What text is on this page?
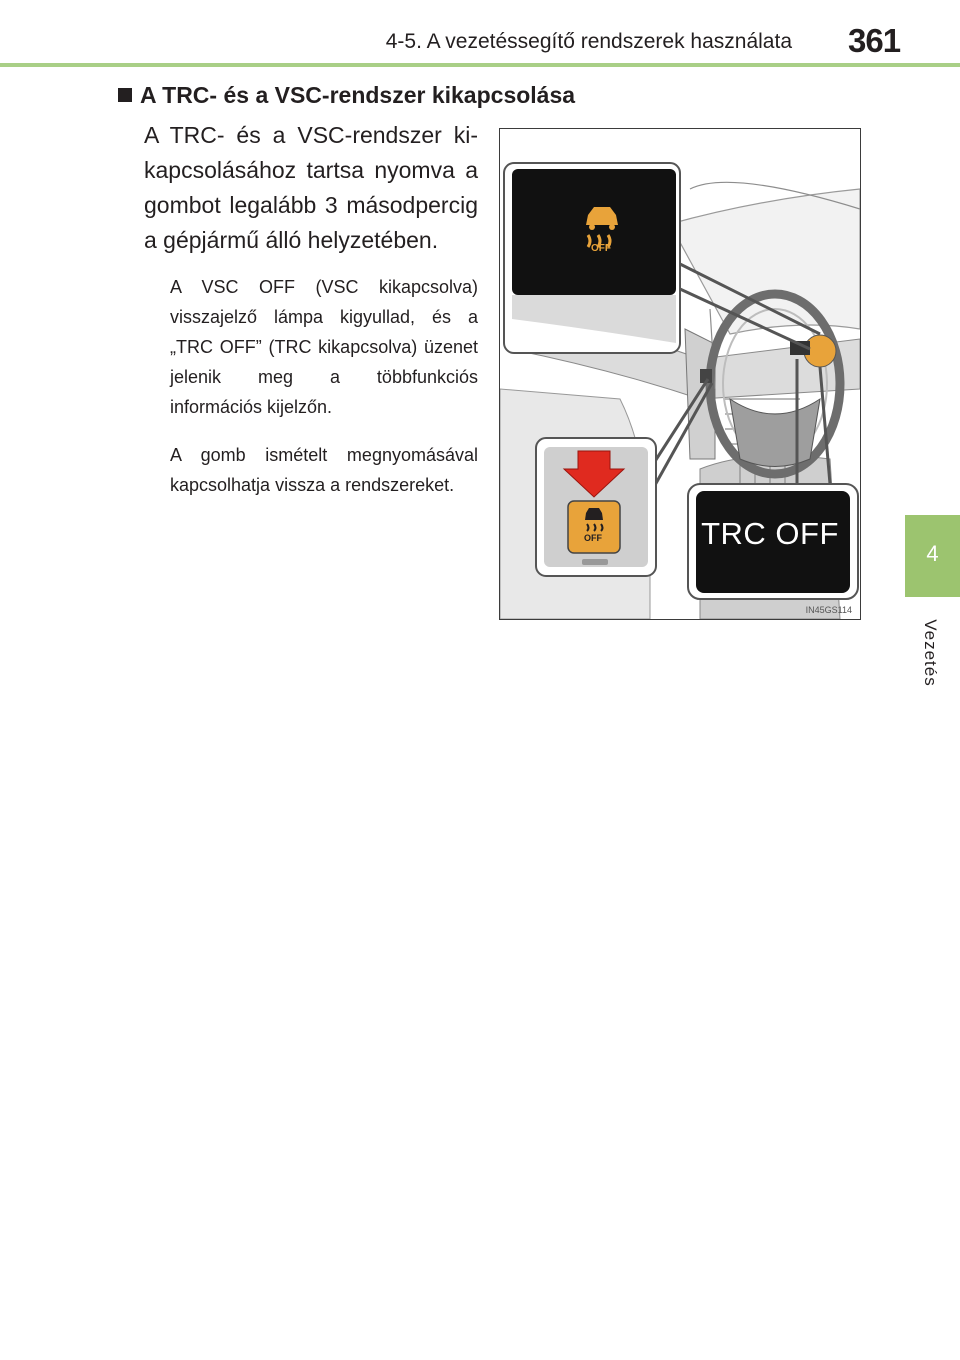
4-5. A vezetéssegítő rendszerek használata 361
4
Vezetés
A TRC- és a VSC-rendszer kikapcsolása
A TRC- és a VSC-rendszer ki-kapcsolásához tartsa nyomva a gombot legalább 3 másodpercig a gépjármű álló helyzetében.
A VSC OFF (VSC kikapcsolva) visszajelző lámpa kigyullad, és a „TRC OFF” (TRC kikapcsolva) üzenet jelenik meg a többfunkciós információs kijelzőn.
A gomb ismételt megnyomásával kapcsolhatja vissza a rendszereket.
OFF
OFF
IN45GS114
TRC OFF
